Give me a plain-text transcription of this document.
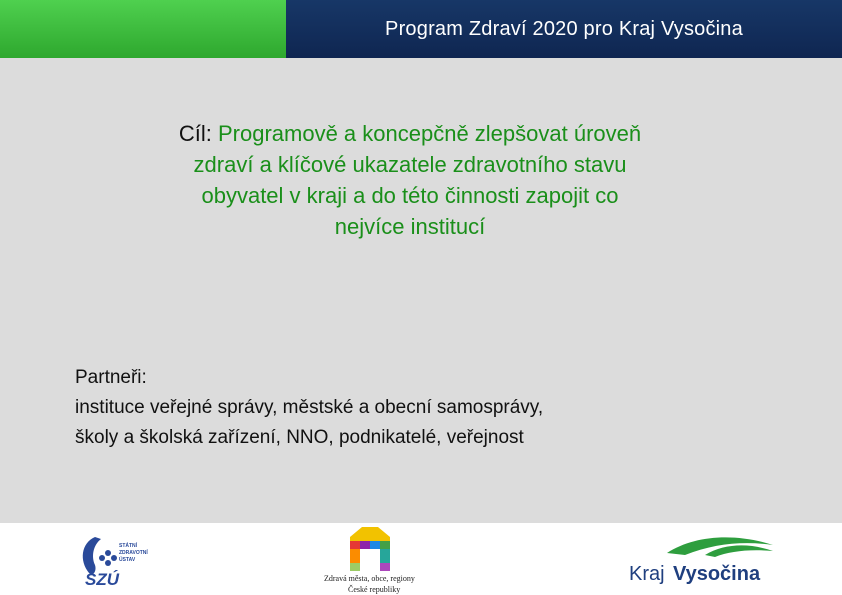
Program Zdraví 2020 pro Kraj Vysočina
Cíl: Programově a koncepčně zlepšovat úroveň
zdraví a klíčové ukazatele zdravotního stavu
obyvatel v kraji a do této činnosti zapojit co
nejvíce institucí
Partneři:
instituce veřejné správy, městské a obecní samosprávy,
školy a školská zařízení, NNO, podnikatelé, veřejnost
STÁTNÍ
ZDRAVOTNÍ
ÚSTAV
SZÚ	Zdravá města, obce, regiony
České republiky
Kraj Vysočina
